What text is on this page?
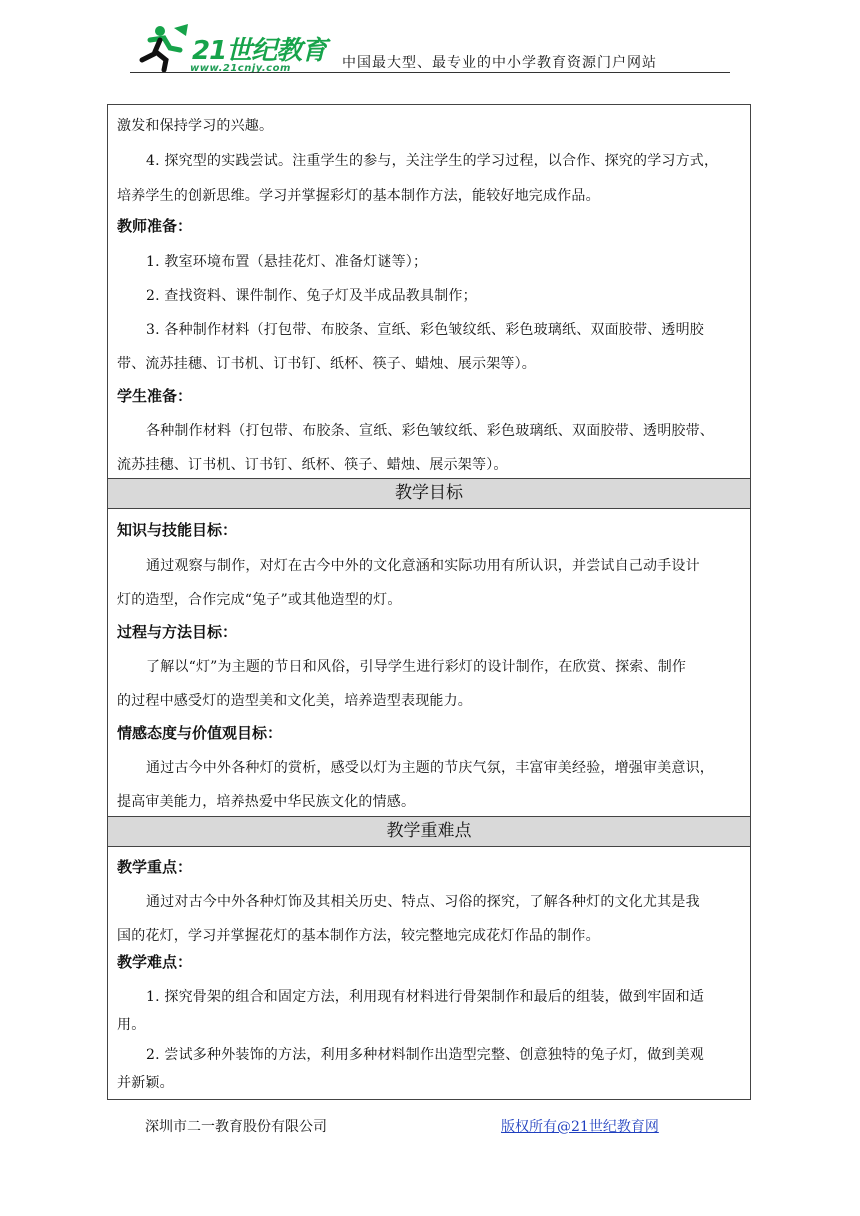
21世纪教育
www.21cnjy.com	中国最大型、最专业的中小学教育资源门户网站
激发和保持学习的兴趣。
4. 探究型的实践尝试。注重学生的参与，关注学生的学习过程，以合作、探究的学习方式，
培养学生的创新思维。学习并掌握彩灯的基本制作方法，能较好地完成作品。
教师准备：
1. 教室环境布置（悬挂花灯、准备灯谜等）；
2. 查找资料、课件制作、兔子灯及半成品教具制作；
3. 各种制作材料（打包带、布胶条、宣纸、彩色皱纹纸、彩色玻璃纸、双面胶带、透明胶
带、流苏挂穗、订书机、订书钉、纸杯、筷子、蜡烛、展示架等）。
学生准备：
各种制作材料（打包带、布胶条、宣纸、彩色皱纹纸、彩色玻璃纸、双面胶带、透明胶带、
流苏挂穗、订书机、订书钉、纸杯、筷子、蜡烛、展示架等）。
教学目标
知识与技能目标：
通过观察与制作，对灯在古今中外的文化意涵和实际功用有所认识，并尝试自己动手设计
灯的造型，合作完成“兔子”或其他造型的灯。
过程与方法目标：
了解以“灯”为主题的节日和风俗，引导学生进行彩灯的设计制作，在欣赏、探索、制作
的过程中感受灯的造型美和文化美，培养造型表现能力。
情感态度与价值观目标：
通过古今中外各种灯的赏析，感受以灯为主题的节庆气氛，丰富审美经验，增强审美意识，
提高审美能力，培养热爱中华民族文化的情感。
教学重难点
教学重点：
通过对古今中外各种灯饰及其相关历史、特点、习俗的探究，了解各种灯的文化尤其是我
国的花灯，学习并掌握花灯的基本制作方法，较完整地完成花灯作品的制作。
教学难点：
1. 探究骨架的组合和固定方法，利用现有材料进行骨架制作和最后的组装，做到牢固和适
用。
2. 尝试多种外装饰的方法，利用多种材料制作出造型完整、创意独特的兔子灯，做到美观
并新颖。
深圳市二一教育股份有限公司	版权所有@21世纪教育网
